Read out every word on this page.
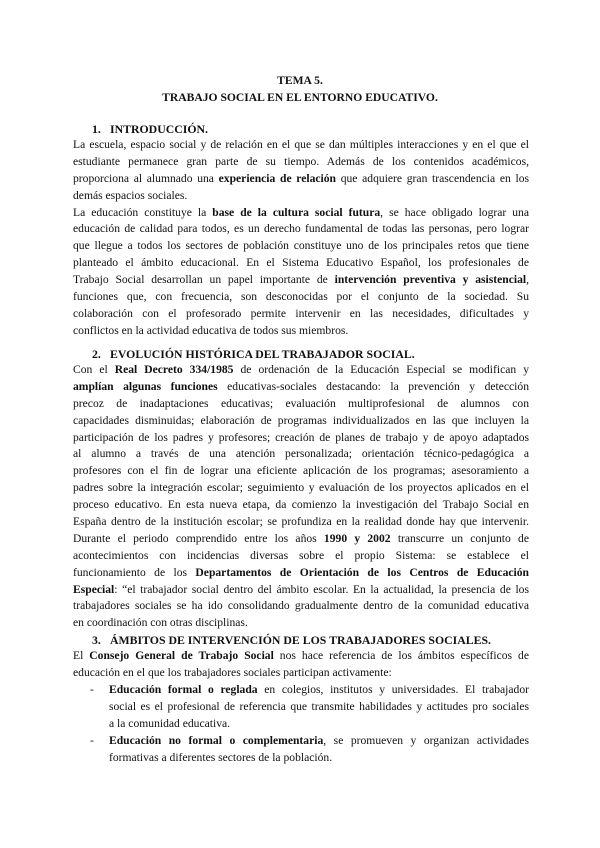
TEMA 5.
TRABAJO SOCIAL EN EL ENTORNO EDUCATIVO.
1. INTRODUCCIÓN.
La escuela, espacio social y de relación en el que se dan múltiples interacciones y en el que el
estudiante permanece gran parte de su tiempo. Además de los contenidos académicos,
proporciona al alumnado una experiencia de relación que adquiere gran trascendencia en los
demás espacios sociales.
La educación constituye la base de la cultura social futura, se hace obligado lograr una
educación de calidad para todos, es un derecho fundamental de todas las personas, pero lograr
que llegue a todos los sectores de población constituye uno de los principales retos que tiene
planteado el ámbito educacional. En el Sistema Educativo Español, los profesionales de
Trabajo Social desarrollan un papel importante de intervención preventiva y asistencial,
funciones que, con frecuencia, son desconocidas por el conjunto de la sociedad. Su
colaboración con el profesorado permite intervenir en las necesidades, dificultades y
conflictos en la actividad educativa de todos sus miembros.
2. EVOLUCIÓN HISTÓRICA DEL TRABAJADOR SOCIAL.
Con el Real Decreto 334/1985 de ordenación de la Educación Especial se modifican y
amplían algunas funciones educativas-sociales destacando: la prevención y detección
precoz de inadaptaciones educativas; evaluación multiprofesional de alumnos con
capacidades disminuidas; elaboración de programas individualizados en las que incluyen la
participación de los padres y profesores; creación de planes de trabajo y de apoyo adaptados
al alumno a través de una atención personalizada; orientación técnico-pedagógica a
profesores con el fin de lograr una eficiente aplicación de los programas; asesoramiento a
padres sobre la integración escolar; seguimiento y evaluación de los proyectos aplicados en el
proceso educativo. En esta nueva etapa, da comienzo la investigación del Trabajo Social en
España dentro de la institución escolar; se profundiza en la realidad donde hay que intervenir.
Durante el periodo comprendido entre los años 1990 y 2002 transcurre un conjunto de
acontecimientos con incidencias diversas sobre el propio Sistema: se establece el
funcionamiento de los Departamentos de Orientación de los Centros de Educación
Especial: “el trabajador social dentro del ámbito escolar. En la actualidad, la presencia de los
trabajadores sociales se ha ido consolidando gradualmente dentro de la comunidad educativa
en coordinación con otras disciplinas.
3. ÁMBITOS DE INTERVENCIÓN DE LOS TRABAJADORES SOCIALES.
El Consejo General de Trabajo Social nos hace referencia de los ámbitos específicos de
educación en el que los trabajadores sociales participan activamente:
-	Educación formal o reglada en colegios, institutos y universidades. El trabajador
social es el profesional de referencia que transmite habilidades y actitudes pro sociales
a la comunidad educativa.
-	Educación no formal o complementaria, se promueven y organizan actividades
formativas a diferentes sectores de la población.
